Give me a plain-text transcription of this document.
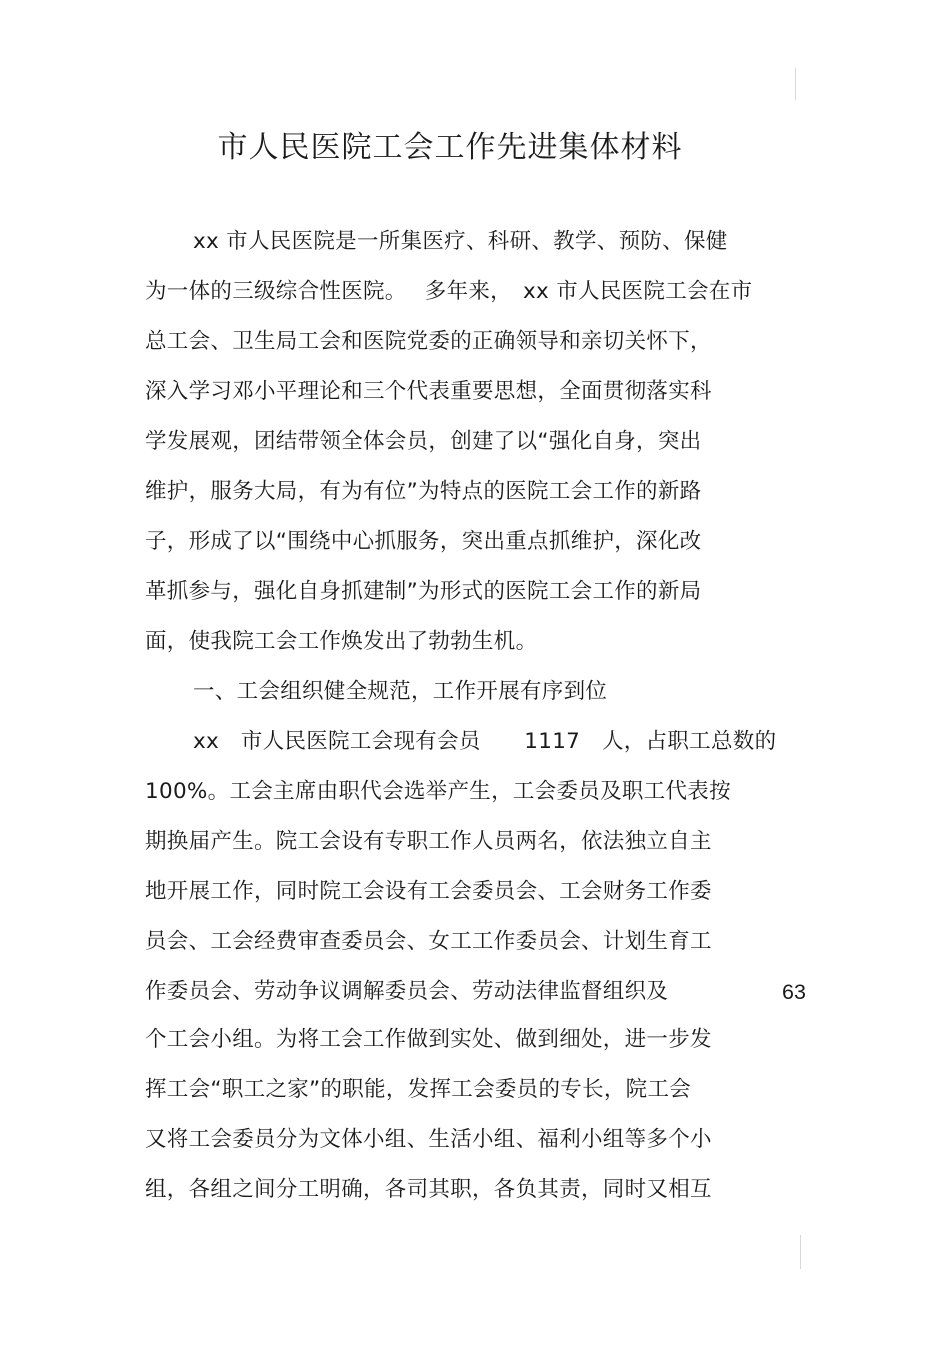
市人民医院工会工作先进集体材料
xx 市人民医院是一所集医疗、科研、教学、预防、保健
为一体的三级综合性医院。　 多年来，　xx 市人民医院工会在市
总工会、卫生局工会和医院党委的正确领导和亲切关怀下，
深入学习邓小平理论和三个代表重要思想，全面贯彻落实科
学发展观，团结带领全体会员，创建了以“强化自身，突出
维护，服务大局，有为有位”为特点的医院工会工作的新路
子，形成了以“围绕中心抓服务，突出重点抓维护，深化改
革抓参与，强化自身抓建制”为形式的医院工会工作的新局
面，使我院工会工作焕发出了勃勃生机。
一、工会组织健全规范，工作开展有序到位
xx　市人民医院工会现有会员　　1117　人，占职工总数的
100%。工会主席由职代会选举产生，工会委员及职工代表按
期换届产生。院工会设有专职工作人员两名，依法独立自主
地开展工作，同时院工会设有工会委员会、工会财务工作委
员会、工会经费审查委员会、女工工作委员会、计划生育工
作委员会、劳动争议调解委员会、劳动法律监督组织及	63
个工会小组。为将工会工作做到实处、做到细处，进一步发
挥工会“职工之家”的职能，发挥工会委员的专长，院工会
又将工会委员分为文体小组、生活小组、福利小组等多个小
组，各组之间分工明确，各司其职，各负其责，同时又相互
